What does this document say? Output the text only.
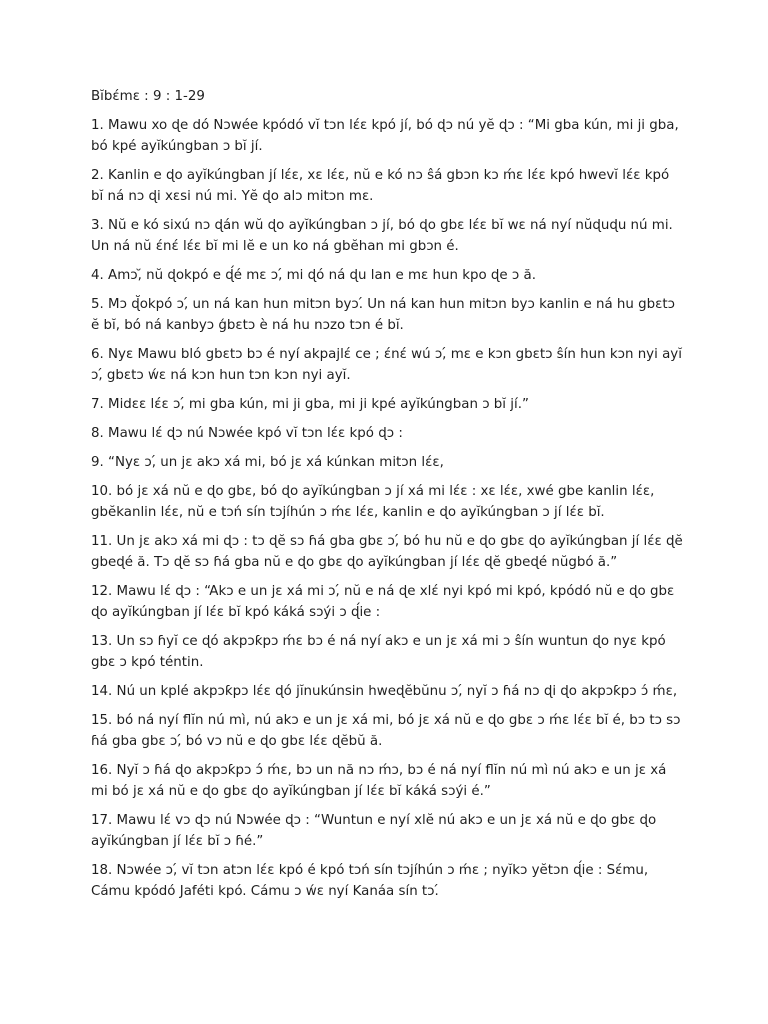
Bĭbέmɛ : 9 : 1-29

1. Mawu xo ɖe dó Nɔwée kpódó vĭ tɔn lέɛ kpó jí, bó ɖɔ nú yĕ ɖɔ : “Mi gba kún, mi ji gba, bó kpé ayĭkúngban ɔ bĭ jí.

2. Kanlin e ɖo ayĭkúngban jí lέɛ, xɛ lέɛ, nŭ e kó nɔ ŝá gbɔn kɔ ḿɛ lέɛ kpó hwevĭ lέɛ kpó bĭ ná nɔ ɖi xɛsi nú mi. Yĕ ɖo alɔ mitɔn mɛ.

3. Nŭ e kó sixú nɔ ɖán wŭ ɖo ayĭkúngban ɔ jí, bó ɖo gbɛ lέɛ bĭ wɛ ná nyí nŭɖuɖu nú mi. Un ná nŭ έnέ lέɛ bĭ mi lĕ e un ko ná gbĕhan mi gbɔn é.

4. Amɔ,̆ nŭ ɖokpó e ɖ́é mɛ ɔ,́ mi ɖó ná ɖu lan e mɛ hun kpo ɖe ɔ ă.

5. Mɔ ɖ̆okpó ɔ,́ un ná kan hun mitɔn byɔ.́ Un ná kan hun mitɔn byɔ kanlin e ná hu gbɛtɔ ĕ bĭ, bó ná kanbyɔ ǵbɛtɔ ѐ ná hu nɔzo tɔn é bĭ.

6. Nyɛ Mawu bló gbɛtɔ bɔ é nyí akpajlέ ce ; έnέ wú ɔ,́ mɛ e kɔn gbɛtɔ ŝín hun kɔn nyi ayĭ ɔ,́ gbɛtɔ ẃɛ ná kɔn hun tɔn kɔn nyi ayĭ.

7. Midɛɛ lέɛ ɔ,́ mi gba kún, mi ji gba, mi ji kpé ayĭkúngban ɔ bĭ jí.”

8. Mawu lέ ɖɔ nú Nɔwée kpó vĭ tɔn lέɛ kpó ɖɔ :

9. “Nyɛ ɔ,́ un jɛ akɔ xá mi, bó jɛ xá kúnkan mitɔn lέɛ,

10. bó jɛ xá nŭ e ɖo gbɛ, bó ɖo ayĭkúngban ɔ jí xá mi lέɛ : xɛ lέɛ, xwé gbe kanlin lέɛ, gbĕkanlin lέɛ, nŭ e tɔń sín tɔjíhún ɔ ḿɛ lέɛ, kanlin e ɖo ayĭkúngban ɔ jí lέɛ bĭ.

11. Un jɛ akɔ xá mi ɖɔ : tɔ ɖĕ sɔ ɦá gba gbɛ ɔ,́ bó hu nŭ e ɖo gbɛ ɖo ayĭkúngban jí lέɛ ɖĕ gbeɖé ă. Tɔ ɖĕ sɔ ɦá gba nŭ e ɖo gbɛ ɖo ayĭkúngban jí lέɛ ɖĕ gbeɖé nŭgbó ă.”

12. Mawu lέ ɖɔ : “Akɔ e un jɛ xá mi ɔ,́ nŭ e ná ɖe xlέ nyi kpó mi kpó, kpódó nŭ e ɖo gbɛ ɖo ayĭkúngban jí lέɛ bĭ kpó káká sɔýi ɔ ɖ́ie :

13. Un sɔ ɦyĭ ce ɖó akpɔƙpɔ ḿɛ bɔ é ná nyí akɔ e un jɛ xá mi ɔ ŝín wuntun ɖo nyɛ kpó gbɛ ɔ kpó téntin.

14. Nú un kplé akpɔƙpɔ lέɛ ɖó jĭnukúnsin hweɖĕbŭnu ɔ,́ nyĭ ɔ ɦá nɔ ɖi ɖo akpɔƙpɔ ɔ́ ḿɛ,

15. bó ná nyí flĭn nú mì, nú akɔ e un jɛ xá mi, bó jɛ xá nŭ e ɖo gbɛ ɔ ḿɛ lέɛ bĭ é, bɔ tɔ sɔ ɦá gba gbɛ ɔ,́ bó vɔ nŭ e ɖo gbɛ lέɛ ɖĕbŭ ă.

16. Nyĭ ɔ ɦá ɖo akpɔƙpɔ ɔ́ ḿɛ, bɔ un nă nɔ ḿɔ, bɔ é ná nyí flĭn nú mì nú akɔ e un jɛ xá mi bó jɛ xá nŭ e ɖo gbɛ ɖo ayĭkúngban jí lέɛ bĭ káká sɔýi é.”

17. Mawu lέ vɔ ɖɔ nú Nɔwée ɖɔ : “Wuntun e nyí xlĕ nú akɔ e un jɛ xá nŭ e ɖo gbɛ ɖo ayĭkúngban jí lέɛ bĭ ɔ ɦé.”

18. Nɔwée ɔ,́ vĭ tɔn atɔn lέɛ kpó é kpó tɔń sín tɔjíhún ɔ ḿɛ ; nyĭkɔ yĕtɔn ɖ́ie : Sέmu, Cámu kpódó Jaféti kpó. Cámu ɔ ẃɛ nyí Kanáa sín tɔ.́
